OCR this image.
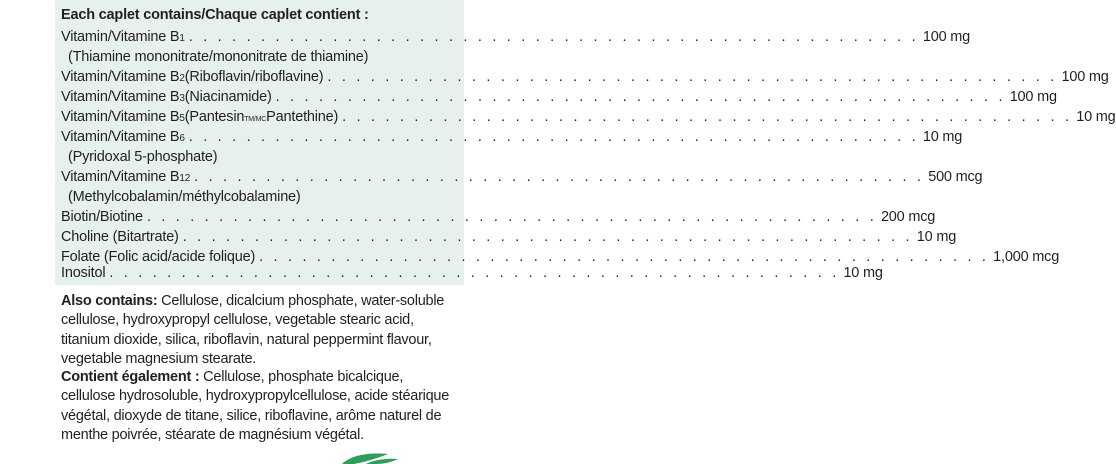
Each caplet contains/Chaque caplet contient :
Vitamin/Vitamine B 1 . . . . . . . . . . . . . . . . . . . . . . . . . . . . . . . . . . . . . . . . . . . . . . . . . . . 100 mg
(Thiamine mononitrate/mononitrate de thiamine)
Vitamin/Vitamine B 2 (Riboflavin/riboflavine) . . . . . . . . . . . . . . . . . . . . . . . . . . . . . . . . . . . . . . . . . . . . . . . . . . . 100 mg
Vitamin/Vitamine B 3 (Niacinamide) . . . . . . . . . . . . . . . . . . . . . . . . . . . . . . . . . . . . . . . . . . . . . . . . . . . 100 mg
Vitamin/Vitamine B 5 (Pantesin TM/MC Pantethine) . . . . . . . . . . . . . . . . . . . . . . . . . . . . . . . . . . . . . . . . . . . . . . . . . . . 10 mg
Vitamin/Vitamine B 6 . . . . . . . . . . . . . . . . . . . . . . . . . . . . . . . . . . . . . . . . . . . . . . . . . . . 10 mg
(Pyridoxal 5-phosphate)
Vitamin/Vitamine B 12 . . . . . . . . . . . . . . . . . . . . . . . . . . . . . . . . . . . . . . . . . . . . . . . . . . . 500 mcg
(Methylcobalamin/méthylcobalamine)
Biotin/Biotine . . . . . . . . . . . . . . . . . . . . . . . . . . . . . . . . . . . . . . . . . . . . . . . . . . . 200 mcg
Choline (Bitartrate) . . . . . . . . . . . . . . . . . . . . . . . . . . . . . . . . . . . . . . . . . . . . . . . . . . . 10 mg
Folate (Folic acid/acide folique) . . . . . . . . . . . . . . . . . . . . . . . . . . . . . . . . . . . . . . . . . . . . . . . . . . . 1,000 mcg
Inositol . . . . . . . . . . . . . . . . . . . . . . . . . . . . . . . . . . . . . . . . . . . . . . . . . . . 10 mg
Also contains: Cellulose, dicalcium phosphate, water-soluble cellulose, hydroxypropyl cellulose, vegetable stearic acid, titanium dioxide, silica, riboflavin, natural peppermint flavour, vegetable magnesium stearate.
Contient également : Cellulose, phosphate bicalcique, cellulose hydrosoluble, hydroxypropylcellulose, acide stéarique végétal, dioxyde de titane, silice, riboflavine, arôme naturel de menthe poivrée, stéarate de magnésium végétal.
